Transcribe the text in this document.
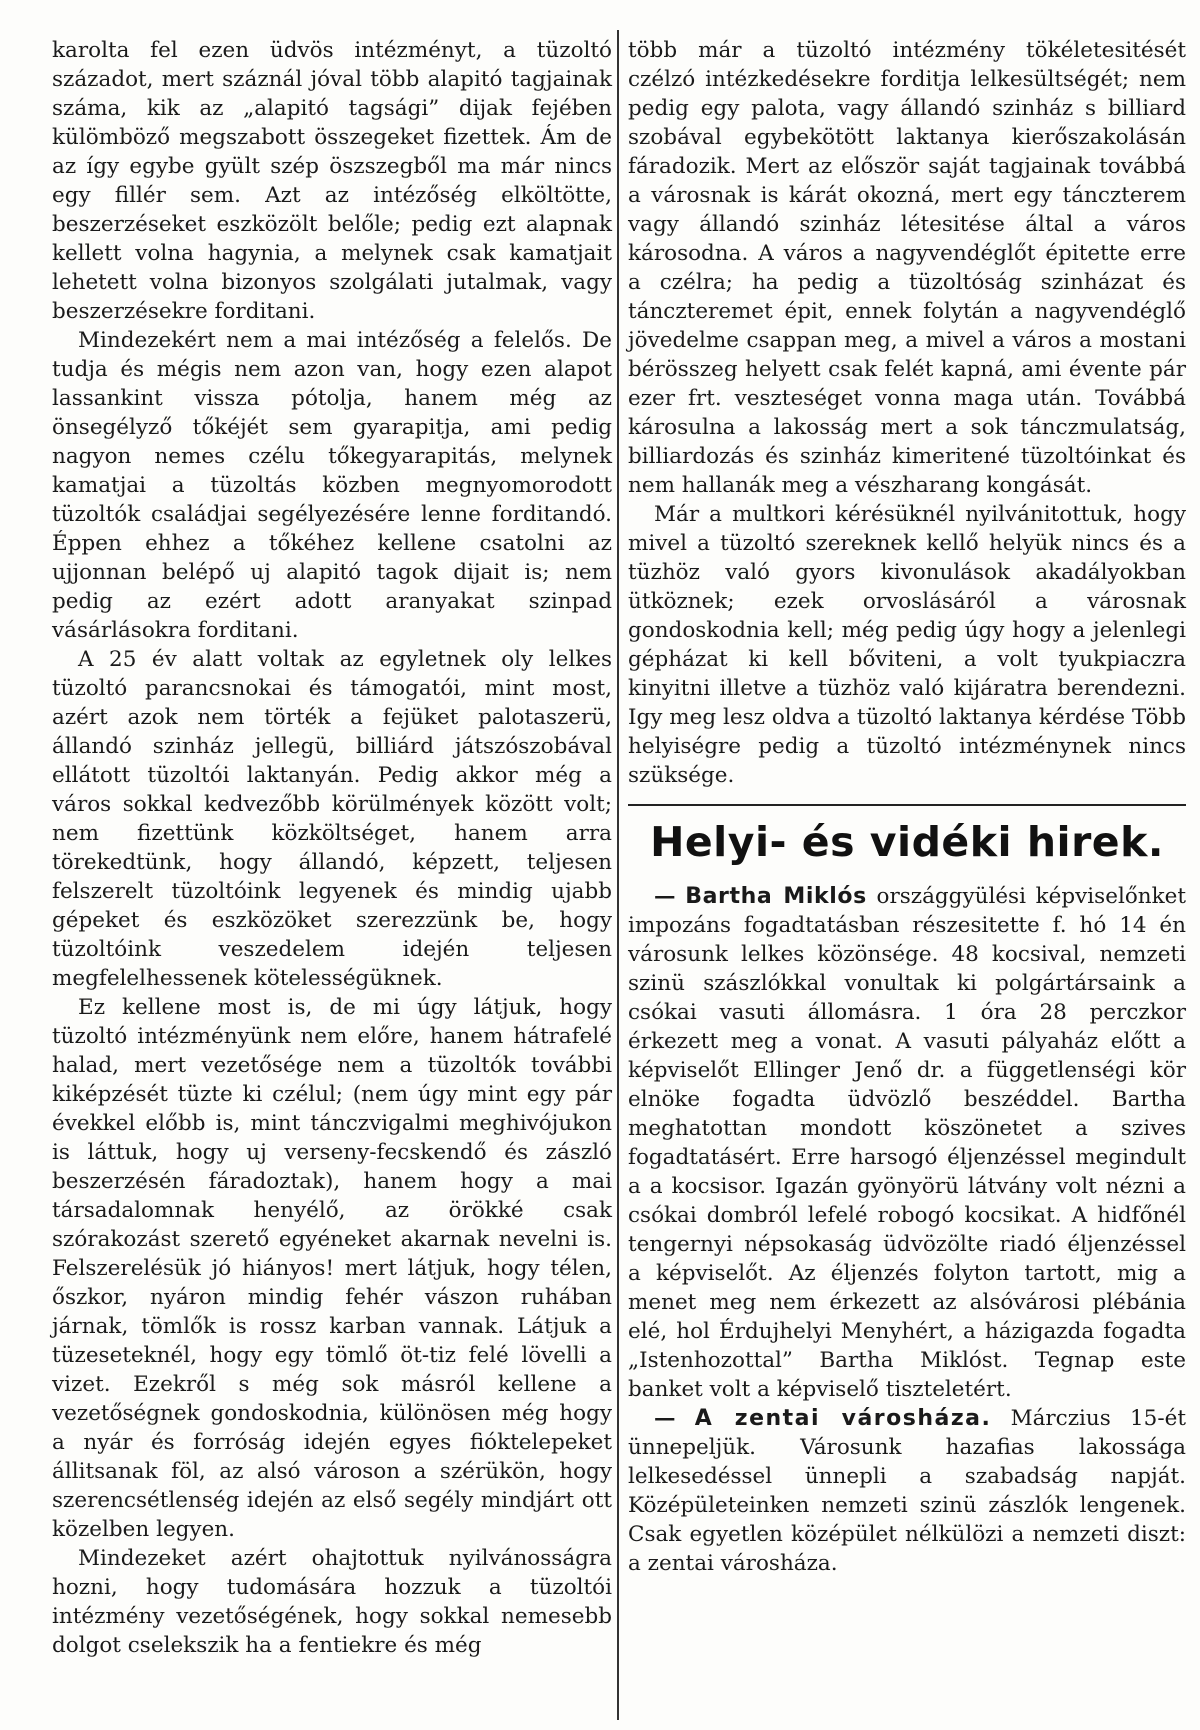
karolta fel ezen üdvös intézményt, a tüzoltó századot, mert száznál jóval több alapitó tagjainak száma, kik az „alapitó tagsági” dijak fejében külömböző megszabott összegeket fizettek. Ám de az így egybe gyült szép öszszegből ma már nincs egy fillér sem. Azt az intézőség elköltötte, beszerzéseket eszközölt belőle; pedig ezt alapnak kellett volna hagynia, a melynek csak kamatjait lehetett volna bizonyos szolgálati jutalmak, vagy beszerzésekre forditani.

Mindezekért nem a mai intézőség a felelős. De tudja és mégis nem azon van, hogy ezen alapot lassankint vissza pótolja, hanem még az önsegélyző tőkéjét sem gyarapitja, ami pedig nagyon nemes czélu tőkegyarapitás, melynek kamatjai a tüzoltás közben megnyomorodott tüzoltók családjai segélyezésére lenne forditandó. Éppen ehhez a tőkéhez kellene csatolni az ujjonnan belépő uj alapitó tagok dijait is; nem pedig az ezért adott aranyakat szinpad vásárlásokra forditani.

A 25 év alatt voltak az egyletnek oly lelkes tüzoltó parancsnokai és támogatói, mint most, azért azok nem törték a fejüket palotaszerü, állandó szinház jellegü, billiárd játszószobával ellátott tüzoltói laktanyán. Pedig akkor még a város sokkal kedvezőbb körülmények között volt; nem fizettünk közköltséget, hanem arra törekedtünk, hogy állandó, képzett, teljesen felszerelt tüzoltóink legyenek és mindig ujabb gépeket és eszközöket szerezzünk be, hogy tüzoltóink veszedelem idején teljesen megfelelhessenek kötelességüknek.

Ez kellene most is, de mi úgy látjuk, hogy tüzoltó intézményünk nem előre, hanem hátrafelé halad, mert vezetősége nem a tüzoltók további kiképzését tüzte ki czélul; (nem úgy mint egy pár évekkel előbb is, mint tánczvigalmi meghivójukon is láttuk, hogy uj verseny-fecskendő és zászló beszerzésén fáradoztak), hanem hogy a mai társadalomnak henyélő, az örökké csak szórakozást szerető egyéneket akarnak nevelni is. Felszerelésük jó hiányos! mert látjuk, hogy télen, őszkor, nyáron mindig fehér vászon ruhában járnak, tömlők is rossz karban vannak. Látjuk a tüzeseteknél, hogy egy tömlő öt-tiz felé lövelli a vizet. Ezekről s még sok másról kellene a vezetőségnek gondoskodnia, különösen még hogy a nyár és forróság idején egyes fióktelepeket állitsanak föl, az alsó városon a szérükön, hogy szerencsétlenség idején az első segély mindjárt ott közelben legyen.

Mindezeket azért ohajtottuk nyilvánosságra hozni, hogy tudomására hozzuk a tüzoltói intézmény vezetőségének, hogy sokkal nemesebb dolgot cselekszik ha a fentiekre és még

több már a tüzoltó intézmény tökéletesitését czélzó intézkedésekre forditja lelkesültségét; nem pedig egy palota, vagy állandó szinház s billiard szobával egybekötött laktanya kierőszakolásán fáradozik. Mert az először saját tagjainak továbbá a városnak is kárát okozná, mert egy tánczterem vagy állandó szinház létesitése által a város károsodna. A város a nagyvendéglőt épitette erre a czélra; ha pedig a tüzoltóság szinházat és tánczteremet épit, ennek folytán a nagyvendéglő jövedelme csappan meg, a mivel a város a mostani bérösszeg helyett csak felét kapná, ami évente pár ezer frt. veszteséget vonna maga után. Továbbá károsulna a lakosság mert a sok tánczmulatság, billiardozás és szinház kimeritené tüzoltóinkat és nem hallanák meg a vészharang kongását.

Már a multkori kérésüknél nyilvánitottuk, hogy mivel a tüzoltó szereknek kellő helyük nincs és a tüzhöz való gyors kivonulások akadályokban ütköznek; ezek orvoslásáról a városnak gondoskodnia kell; még pedig úgy hogy a jelenlegi gépházat ki kell bőviteni, a volt tyukpiaczra kinyitni illetve a tüzhöz való kijáratra berendezni. Igy meg lesz oldva a tüzoltó laktanya kérdése Több helyiségre pedig a tüzoltó intézménynek nincs szüksége.

Helyi- és vidéki hirek.

— Bartha Miklós országgyülési képviselőnket impozáns fogadtatásban részesitette f. hó 14 én városunk lelkes közönsége. 48 kocsival, nemzeti szinü szászlókkal vonultak ki polgártársaink a csókai vasuti állomásra. 1 óra 28 perczkor érkezett meg a vonat. A vasuti pályaház előtt a képviselőt Ellinger Jenő dr. a függetlenségi kör elnöke fogadta üdvözlő beszéddel. Bartha meghatottan mondott köszönetet a szives fogadtatásért. Erre harsogó éljenzéssel megindult a a kocsisor. Igazán gyönyörü látvány volt nézni a csókai dombról lefelé robogó kocsikat. A hidfőnél tengernyi népsokaság üdvözölte riadó éljenzéssel a képviselőt. Az éljenzés folyton tartott, mig a menet meg nem érkezett az alsóvárosi plébánia elé, hol Érdujhelyi Menyhért, a házigazda fogadta „Istenhozottal” Bartha Miklóst. Tegnap este banket volt a képviselő tiszteletért.

— A zentai városháza. Márczius 15-ét ünnepeljük. Városunk hazafias lakossága lelkesedéssel ünnepli a szabadság napját. Középületeinken nemzeti szinü zászlók lengenek. Csak egyetlen középület nélkülözi a nemzeti diszt: a zentai városháza.
